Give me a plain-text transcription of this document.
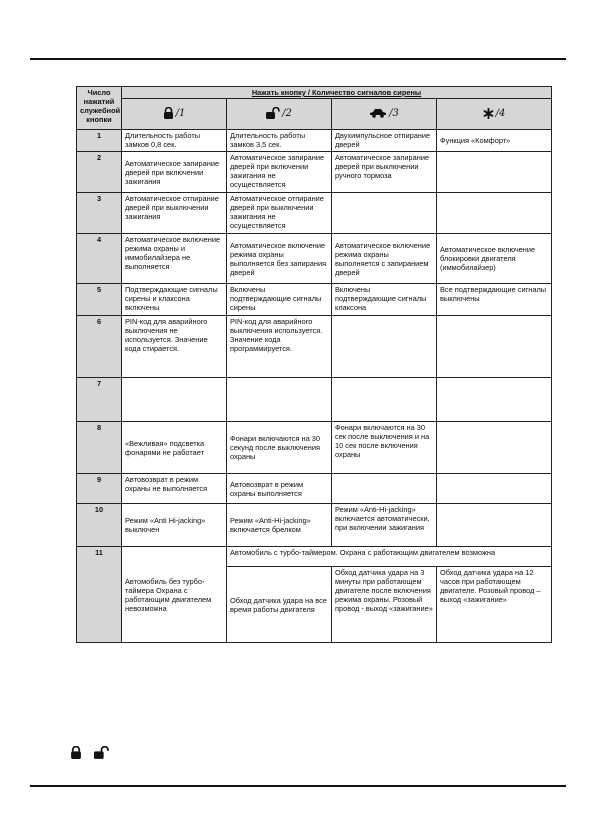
Число нажатий служебной кнопки	Нажать кнопку / Количество сигналов сирены			

	/1	/2	/3	/4

1	Длительность работы замков 0,8 сек.	Длительность работы замков 3,5 сек.	Двухимпульсное отпирание дверей	Функция «Комфорт»
2	Автоматическое запирание дверей при включении зажигания	Автоматическое запирание дверей при включении зажигания не осуществляется	Автоматическое запирание дверей при выключении ручного тормоза	
3	Автоматическое отпирание дверей при выключении зажигания	Автоматическое отпирание дверей при выключении зажигания не осуществляется		
4	Автоматическое включение режима охраны и иммобилайзера не выполняется	Автоматическое включение режима охраны выполняется без запирания дверей	Автоматическое включение режима охраны выполняется с запиранием дверей	Автоматическое включение блокировки двигателя (иммобилайзер)
5	Подтверждающие сигналы сирены и клаксона включены	Включены подтверждающие сигналы сирены	Включены подтверждающие сигналы клаксона	Все подтверждающие сигналы выключены
6	PIN-код для аварийного выключения не используется. Значение кода стирается.	PIN-код для аварийного выключения используется. Значение кода программируется.		
7				
8	«Вежливая» подсветка фонарями не работает	Фонари включаются на 30 секунд после выключения охраны	Фонари включаются на 30 сек после выключения и на 10 сек после включения охраны	
9	Автовозврат в режим охраны не выполняется	Автовозврат в режим охраны выполняется		
10	Режим «Anti Hi-jacking» выключен	Режим «Anti-Hi-jacking» включается брелком	Режим «Anti-Hi-jacking» включается автоматически, при включении зажигания	
11	Автомобиль без турбо-таймера Охрана с работающим двигателем невозможна	Автомобиль с турбо-таймером. Охрана с работающим двигателем возможна		
		Обход датчика удара на все время работы двигателя	Обход датчика удара на 3 минуты при работающем двигателе после включения режима охраны. Розовый провод - выход «зажигание»	Обход датчика удара на 12 часов при работающем двигателе. Розовый провод – выход «зажигание»
